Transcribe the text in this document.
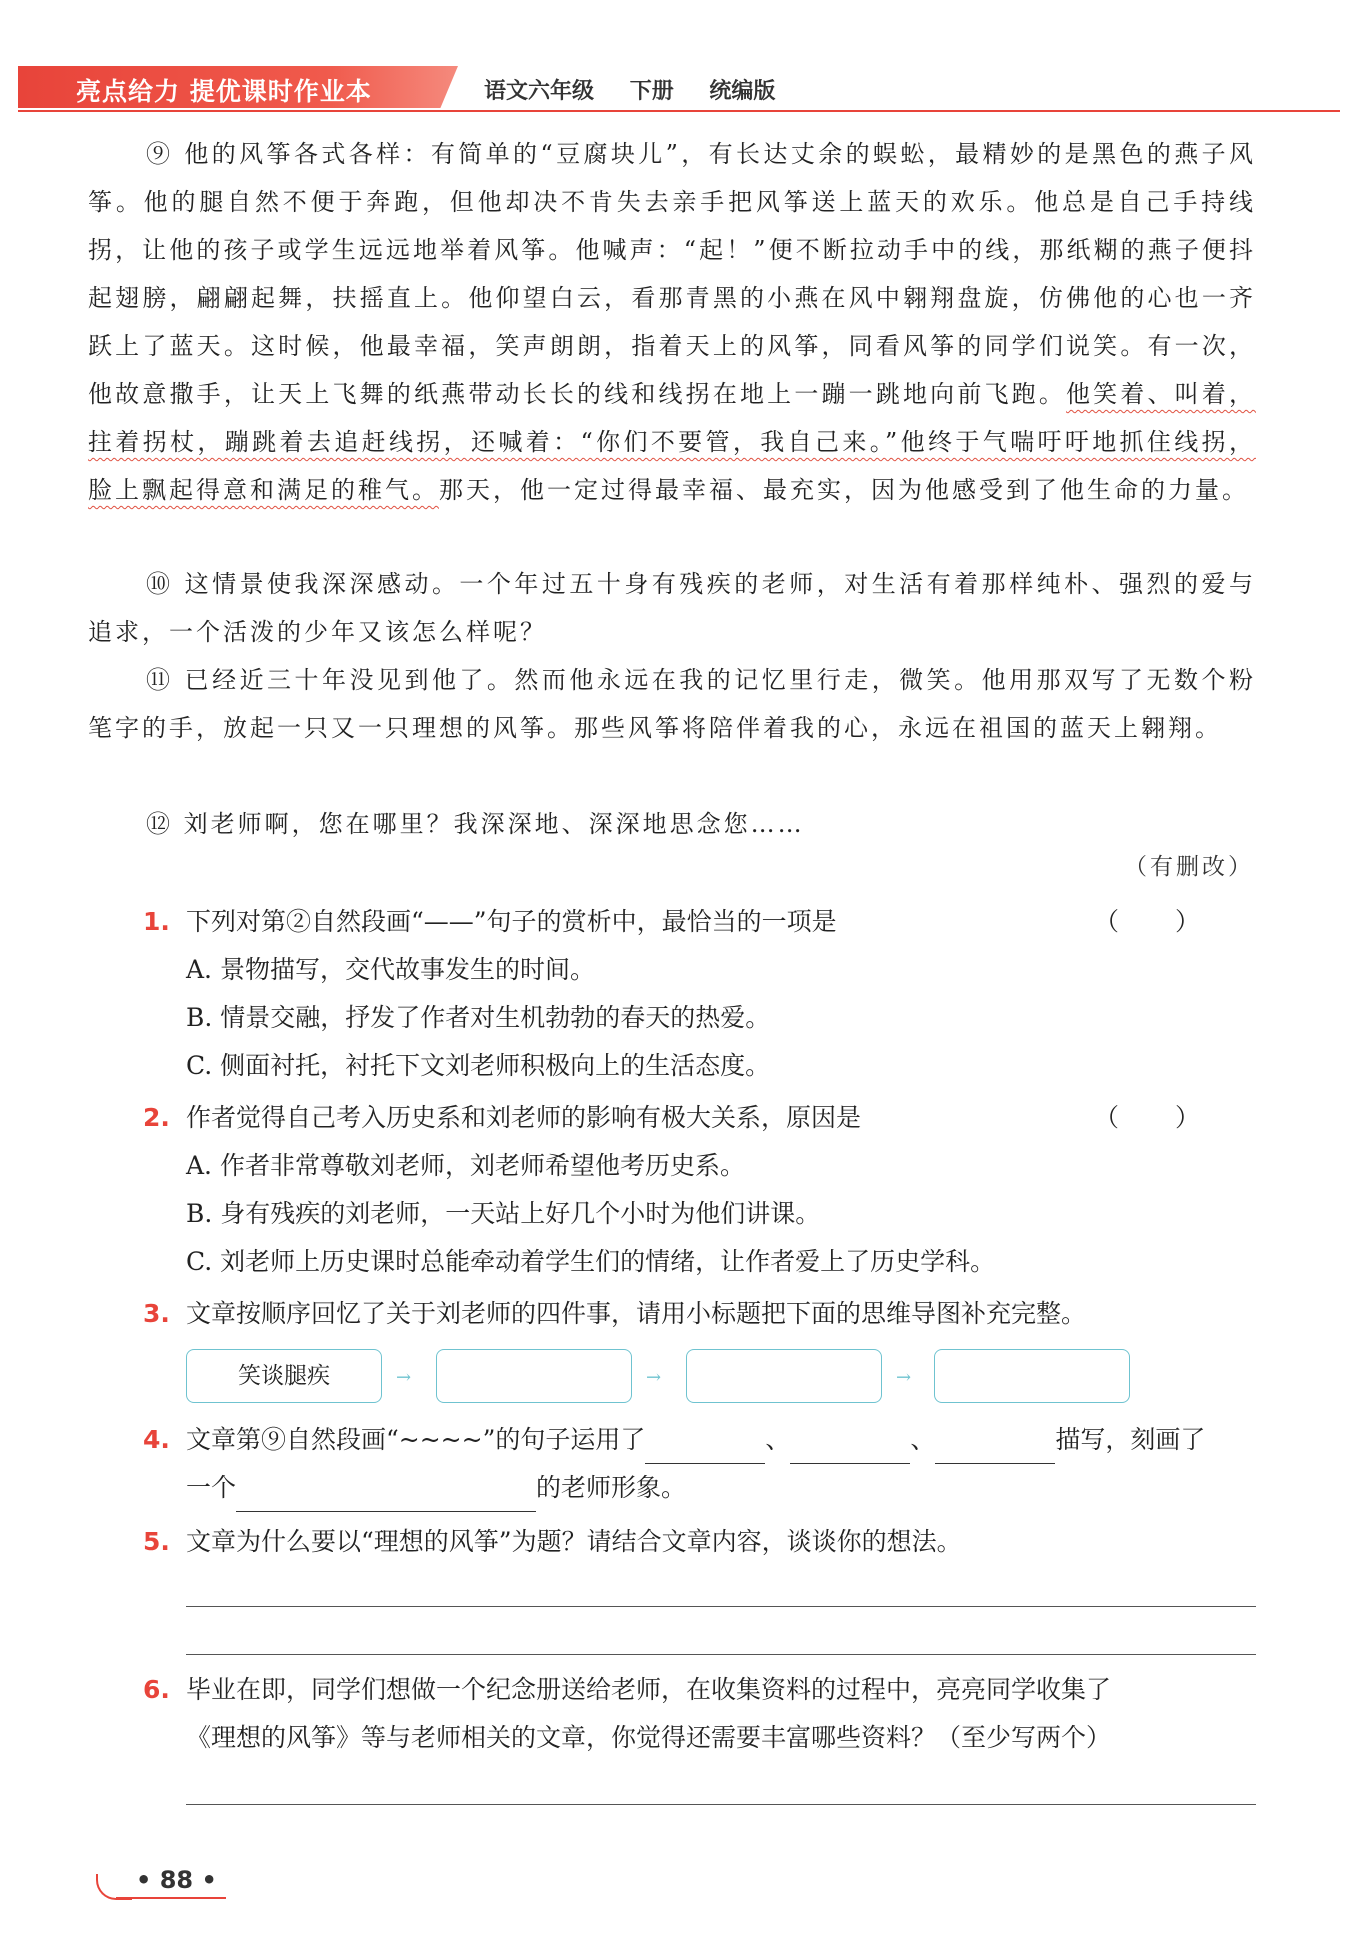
亮点给力 提优课时作业本	语文六年级 下册 统编版
⑨ 他的风筝各式各样：有简单的“豆腐块儿”，有长达丈余的蜈蚣，最精妙的是黑色的燕子风筝。他的腿自然不便于奔跑，但他却决不肯失去亲手把风筝送上蓝天的欢乐。他总是自己手持线拐，让他的孩子或学生远远地举着风筝。他喊声：“起！”便不断拉动手中的线，那纸糊的燕子便抖起翅膀，翩翩起舞，扶摇直上。他仰望白云，看那青黑的小燕在风中翱翔盘旋，仿佛他的心也一齐跃上了蓝天。这时候，他最幸福，笑声朗朗，指着天上的风筝，同看风筝的同学们说笑。有一次，他故意撒手，让天上飞舞的纸燕带动长长的线和线拐在地上一蹦一跳地向前飞跑。他笑着、叫着，拄着拐杖，蹦跳着去追赶线拐，还喊着：“你们不要管，我自己来。”他终于气喘吁吁地抓住线拐，脸上飘起得意和满足的稚气。那天，他一定过得最幸福、最充实，因为他感受到了他生命的力量。
⑩ 这情景使我深深感动。一个年过五十身有残疾的老师，对生活有着那样纯朴、强烈的爱与追求，一个活泼的少年又该怎么样呢？
⑪ 已经近三十年没见到他了。然而他永远在我的记忆里行走，微笑。他用那双写了无数个粉笔字的手，放起一只又一只理想的风筝。那些风筝将陪伴着我的心，永远在祖国的蓝天上翱翔。
⑫ 刘老师啊，您在哪里？我深深地、深深地思念您……
（有删改）
1. 下列对第②自然段画“——”句子的赏析中，最恰当的一项是	（）
A. 景物描写，交代故事发生的时间。
B. 情景交融，抒发了作者对生机勃勃的春天的热爱。
C. 侧面衬托，衬托下文刘老师积极向上的生活态度。
2. 作者觉得自己考入历史系和刘老师的影响有极大关系，原因是	（）
A. 作者非常尊敬刘老师，刘老师希望他考历史系。
B. 身有残疾的刘老师，一天站上好几个小时为他们讲课。
C. 刘老师上历史课时总能牵动着学生们的情绪，让作者爱上了历史学科。
3. 文章按顺序回忆了关于刘老师的四件事，请用小标题把下面的思维导图补充完整。
笑谈腿疾	→	→	→
4. 文章第⑨自然段画“~~~~”的句子运用了	、	、	描写，刻画了
一个	的老师形象。
5. 文章为什么要以“理想的风筝”为题？请结合文章内容，谈谈你的想法。
6. 毕业在即，同学们想做一个纪念册送给老师，在收集资料的过程中，亮亮同学收集了
《理想的风筝》等与老师相关的文章，你觉得还需要丰富哪些资料？（至少写两个）
• 88 •
